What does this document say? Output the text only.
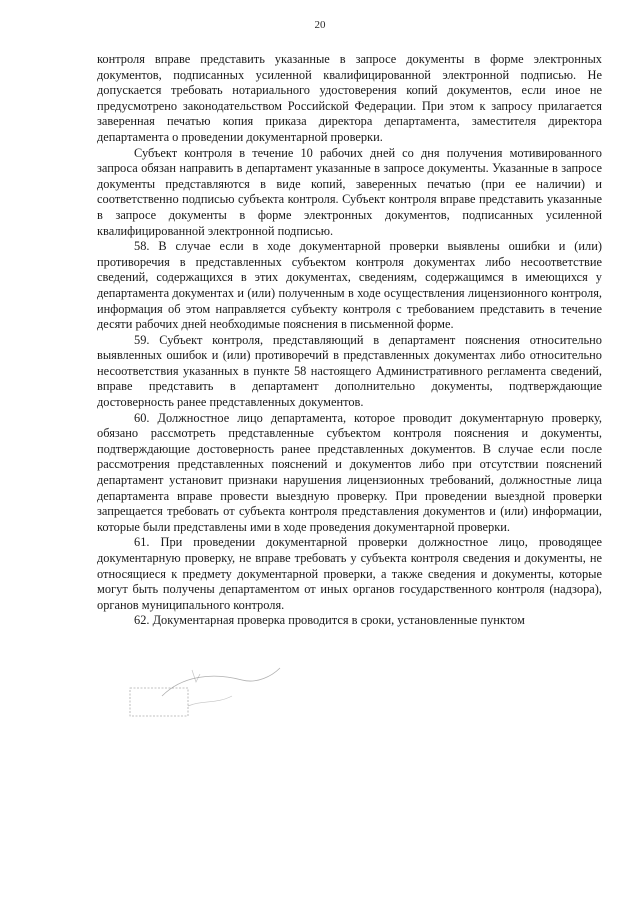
20

контроля вправе представить указанные в запросе документы в форме электронных документов, подписанных усиленной квалифицированной электронной подписью. Не допускается требовать нотариального удостоверения копий документов, если иное не предусмотрено законодательством Российской Федерации. При этом к запросу прилагается заверенная печатью копия приказа директора департамента, заместителя директора департамента о проведении документарной проверки.

Субъект контроля в течение 10 рабочих дней со дня получения мотивированного запроса обязан направить в департамент указанные в запросе документы. Указанные в запросе документы представляются в виде копий, заверенных печатью (при ее наличии) и соответственно подписью субъекта контроля. Субъект контроля вправе представить указанные в запросе документы в форме электронных документов, подписанных усиленной квалифицированной электронной подписью.

58. В случае если в ходе документарной проверки выявлены ошибки и (или) противоречия в представленных субъектом контроля документах либо несоответствие сведений, содержащихся в этих документах, сведениям, содержащимся в имеющихся у департамента документах и (или) полученным в ходе осуществления лицензионного контроля, информация об этом направляется субъекту контроля с требованием представить в течение десяти рабочих дней необходимые пояснения в письменной форме.

59. Субъект контроля, представляющий в департамент пояснения относительно выявленных ошибок и (или) противоречий в представленных документах либо относительно несоответствия указанных в пункте 58 настоящего Административного регламента сведений, вправе представить в департамент дополнительно документы, подтверждающие достоверность ранее представленных документов.

60. Должностное лицо департамента, которое проводит документарную проверку, обязано рассмотреть представленные субъектом контроля пояснения и документы, подтверждающие достоверность ранее представленных документов. В случае если после рассмотрения представленных пояснений и документов либо при отсутствии пояснений департамент установит признаки нарушения лицензионных требований, должностные лица департамента вправе провести выездную проверку. При проведении выездной проверки запрещается требовать от субъекта контроля представления документов и (или) информации, которые были представлены ими в ходе проведения документарной проверки.

61. При проведении документарной проверки должностное лицо, проводящее документарную проверку, не вправе требовать у субъекта контроля сведения и документы, не относящиеся к предмету документарной проверки, а также сведения и документы, которые могут быть получены департаментом от иных органов государственного контроля (надзора), органов муниципального контроля.

62. Документарная проверка проводится в сроки, установленные пунктом
